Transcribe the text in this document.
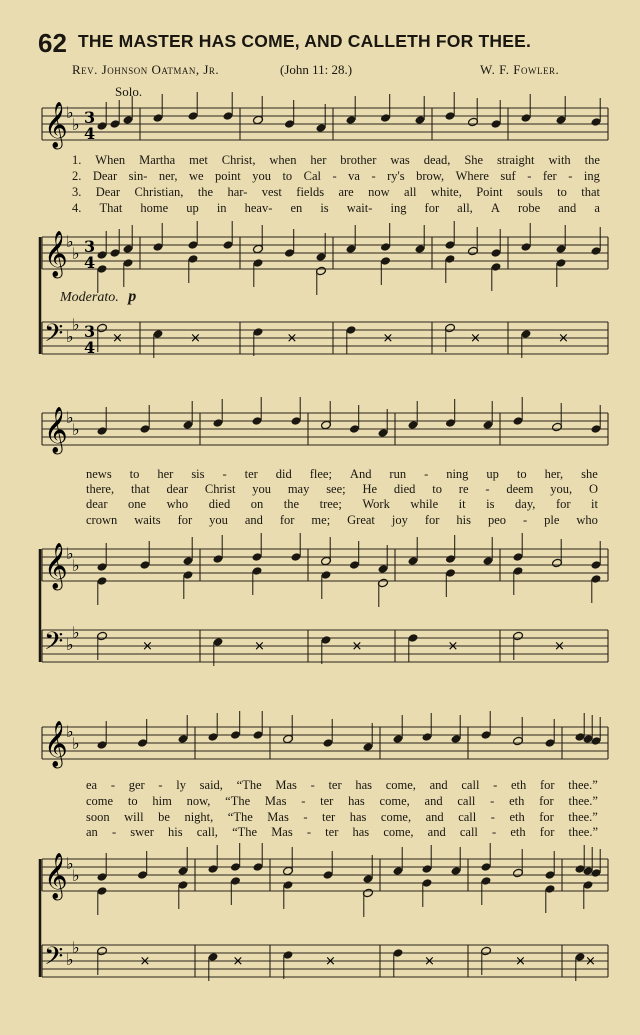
62 THE MASTER HAS COME, AND CALLETH FOR THEE.
Rev. Johnson Oatman, Jr.	(John 11: 28.)	W. F. Fowler.
Solo.
Moderato. p
𝄞
♭
♭ 3
4
𝄞
♭
♭ 3
4
𝄢 ♭
♭ 3
4 ×	×	×	×	×	×
𝄞
♭
♭
𝄞
♭
♭
𝄢 ♭
♭
×	×	×	×	×
𝄞
♭
♭
𝄞
♭
♭
𝄢 ♭
♭
×	×	×	×	×	×
1. When Martha met Christ, when her brother was dead, She straight with the
2. Dear sin- ner, we point you to Cal - va - ry's brow, Where suf - fer - ing
3. Dear Christian, the har- vest fields are now all white, Point souls to that
4. That home up in heav- en is wait- ing for all, A robe and a
news to her sis - ter did flee; And run - ning up to her, she
there, that dear Christ you may see; He died to re - deem you, O
dear one who died on the tree; Work while it is day, for it
crown waits for you and for me; Great joy for his peo - ple who
ea - ger - ly said, “The Mas - ter has come, and call - eth for thee.”
come to him now, “The Mas - ter has come, and call - eth for thee.”
soon will be night, “The Mas - ter has come, and call - eth for thee.”
an - swer his call, “The Mas - ter has come, and call - eth for thee.”
